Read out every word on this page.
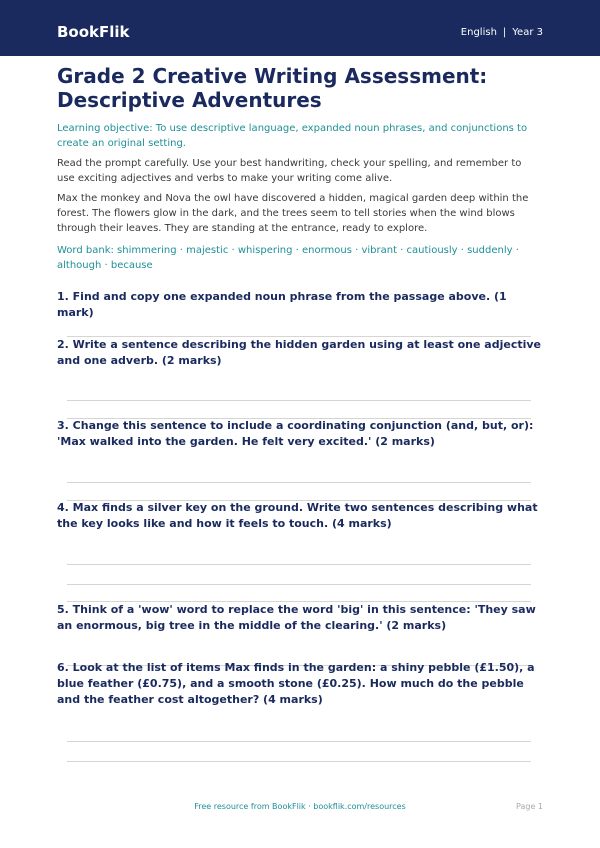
BookFlik	English | Year 3
Grade 2 Creative Writing Assessment: Descriptive Adventures

Learning objective: To use descriptive language, expanded noun phrases, and conjunctions to create an original setting.

Read the prompt carefully. Use your best handwriting, check your spelling, and remember to use exciting adjectives and verbs to make your writing come alive.

Max the monkey and Nova the owl have discovered a hidden, magical garden deep within the forest. The flowers glow in the dark, and the trees seem to tell stories when the wind blows through their leaves. They are standing at the entrance, ready to explore.

Word bank: shimmering · majestic · whispering · enormous · vibrant · cautiously · suddenly · although · because

1. Find and copy one expanded noun phrase from the passage above. (1 mark)

2. Write a sentence describing the hidden garden using at least one adjective and one adverb. (2 marks)

3. Change this sentence to include a coordinating conjunction (and, but, or): 'Max walked into the garden. He felt very excited.' (2 marks)

4. Max finds a silver key on the ground. Write two sentences describing what the key looks like and how it feels to touch. (4 marks)

5. Think of a 'wow' word to replace the word 'big' in this sentence: 'They saw an enormous, big tree in the middle of the clearing.' (2 marks)

6. Look at the list of items Max finds in the garden: a shiny pebble (£1.50), a blue feather (£0.75), and a smooth stone (£0.25). How much do the pebble and the feather cost altogether? (4 marks)

Free resource from BookFlik · bookflik.com/resources	Page 1
